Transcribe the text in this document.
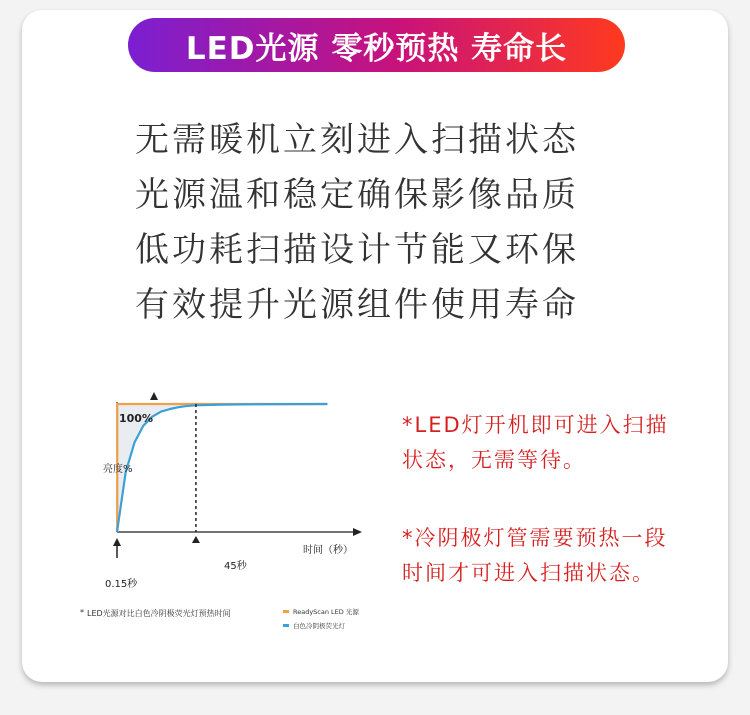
LED光源 零秒预热 寿命长
无需暖机立刻进入扫描状态
光源温和稳定确保影像品质
低功耗扫描设计节能又环保
有效提升光源组件使用寿命
100%
亮度%
时间（秒）
0.15秒
45秒
* LED光源对比白色冷阴极荧光灯预热时间	ReadyScan LED 光源
白色冷阴极荧光灯
*LED灯开机即可进入扫描
状态，无需等待。
*冷阴极灯管需要预热一段
时间才可进入扫描状态。
